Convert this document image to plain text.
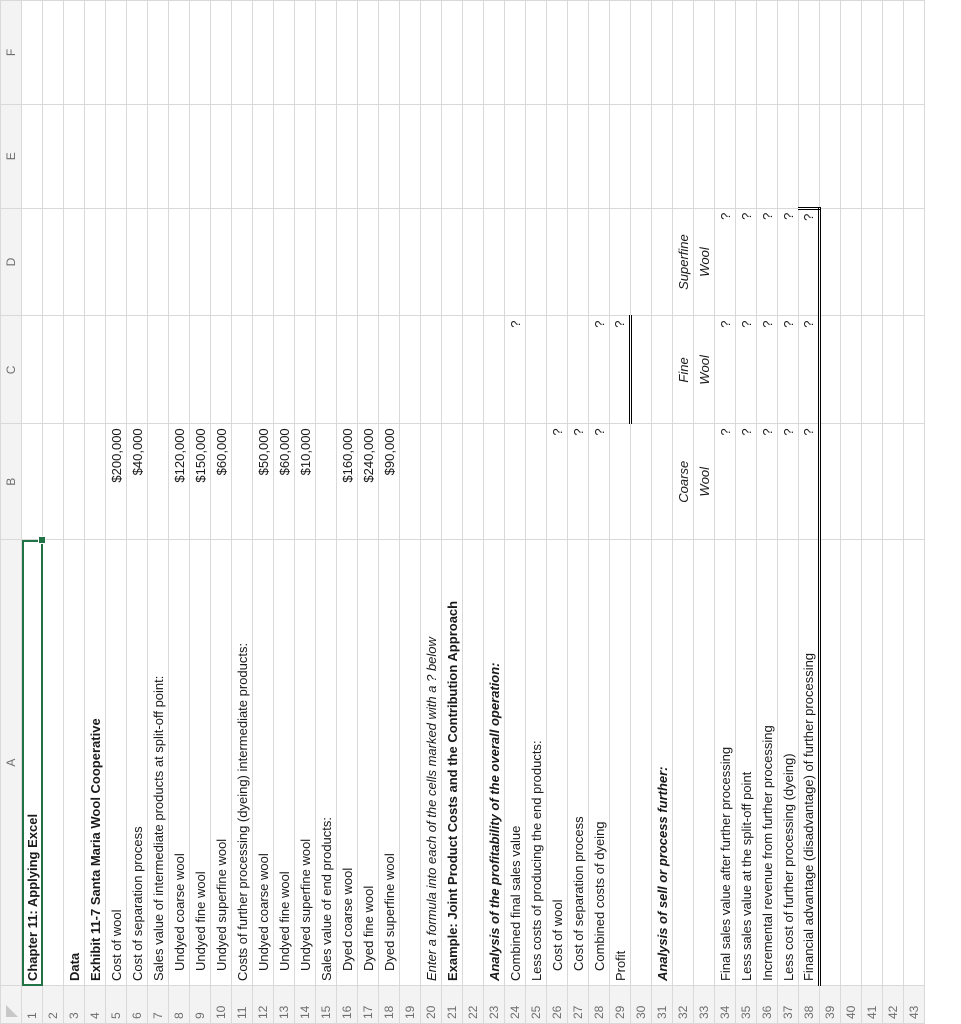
	A	B	C	D	E	F
1	Chapter 11: Applying Excel

2						
3	Data					
4	Exhibit 11-7 Santa Maria Wool Cooperative					
5	Cost of wool	$200,000				
6	Cost of separation process	$40,000				
7	Sales value of intermediate products at split-off point:					
8	Undyed coarse wool	$120,000				
9	Undyed fine wool	$150,000				
10	Undyed superfine wool	$60,000				
11	Costs of further processing (dyeing) intermediate products:					
12	Undyed coarse wool	$50,000				
13	Undyed fine wool	$60,000				
14	Undyed superfine wool	$10,000				
15	Sales value of end products:					
16	Dyed coarse wool	$160,000				
17	Dyed fine wool	$240,000				
18	Dyed superfine wool	$90,000				
19						
20	Enter a formula into each of the cells marked with a ? below					
21	Example: Joint Product Costs and the Contribution Approach					
22						
23	Analysis of the profitability of the overall operation:					
24	Combined final sales value		?			
25	Less costs of producing the end products:					
26	Cost of wool	?				
27	Cost of separation process	?				
28	Combined costs of dyeing	?	?			
29	Profit		?			
30						
31	Analysis of sell or process further:					
32		Coarse	Fine	Superfine		
33		Wool	Wool	Wool		
34	Final sales value after further processing	?	?	?		
35	Less sales value at the split-off point	?	?	?		
36	Incremental revenue from further processing	?	?	?		
37	Less cost of further processing (dyeing)	?	?	?		
38	Financial advantage (disadvantage) of further processing	?	?	?		
39						
40						
41						
42						
43						
